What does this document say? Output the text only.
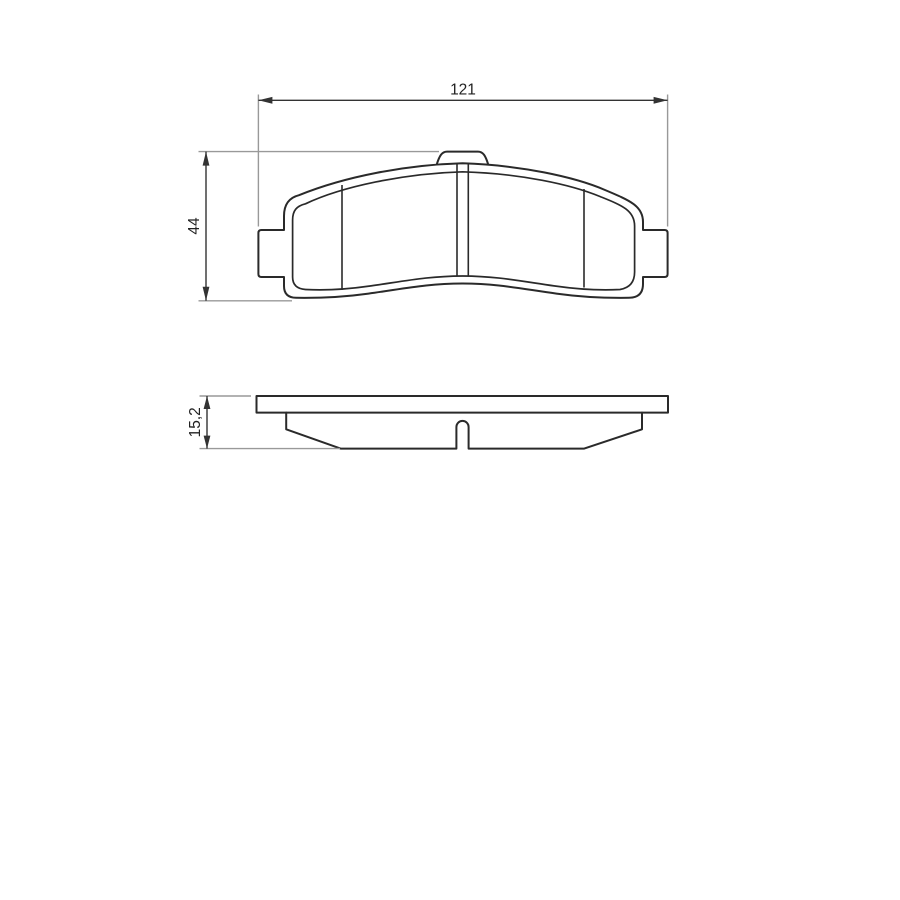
121
44
15,2
